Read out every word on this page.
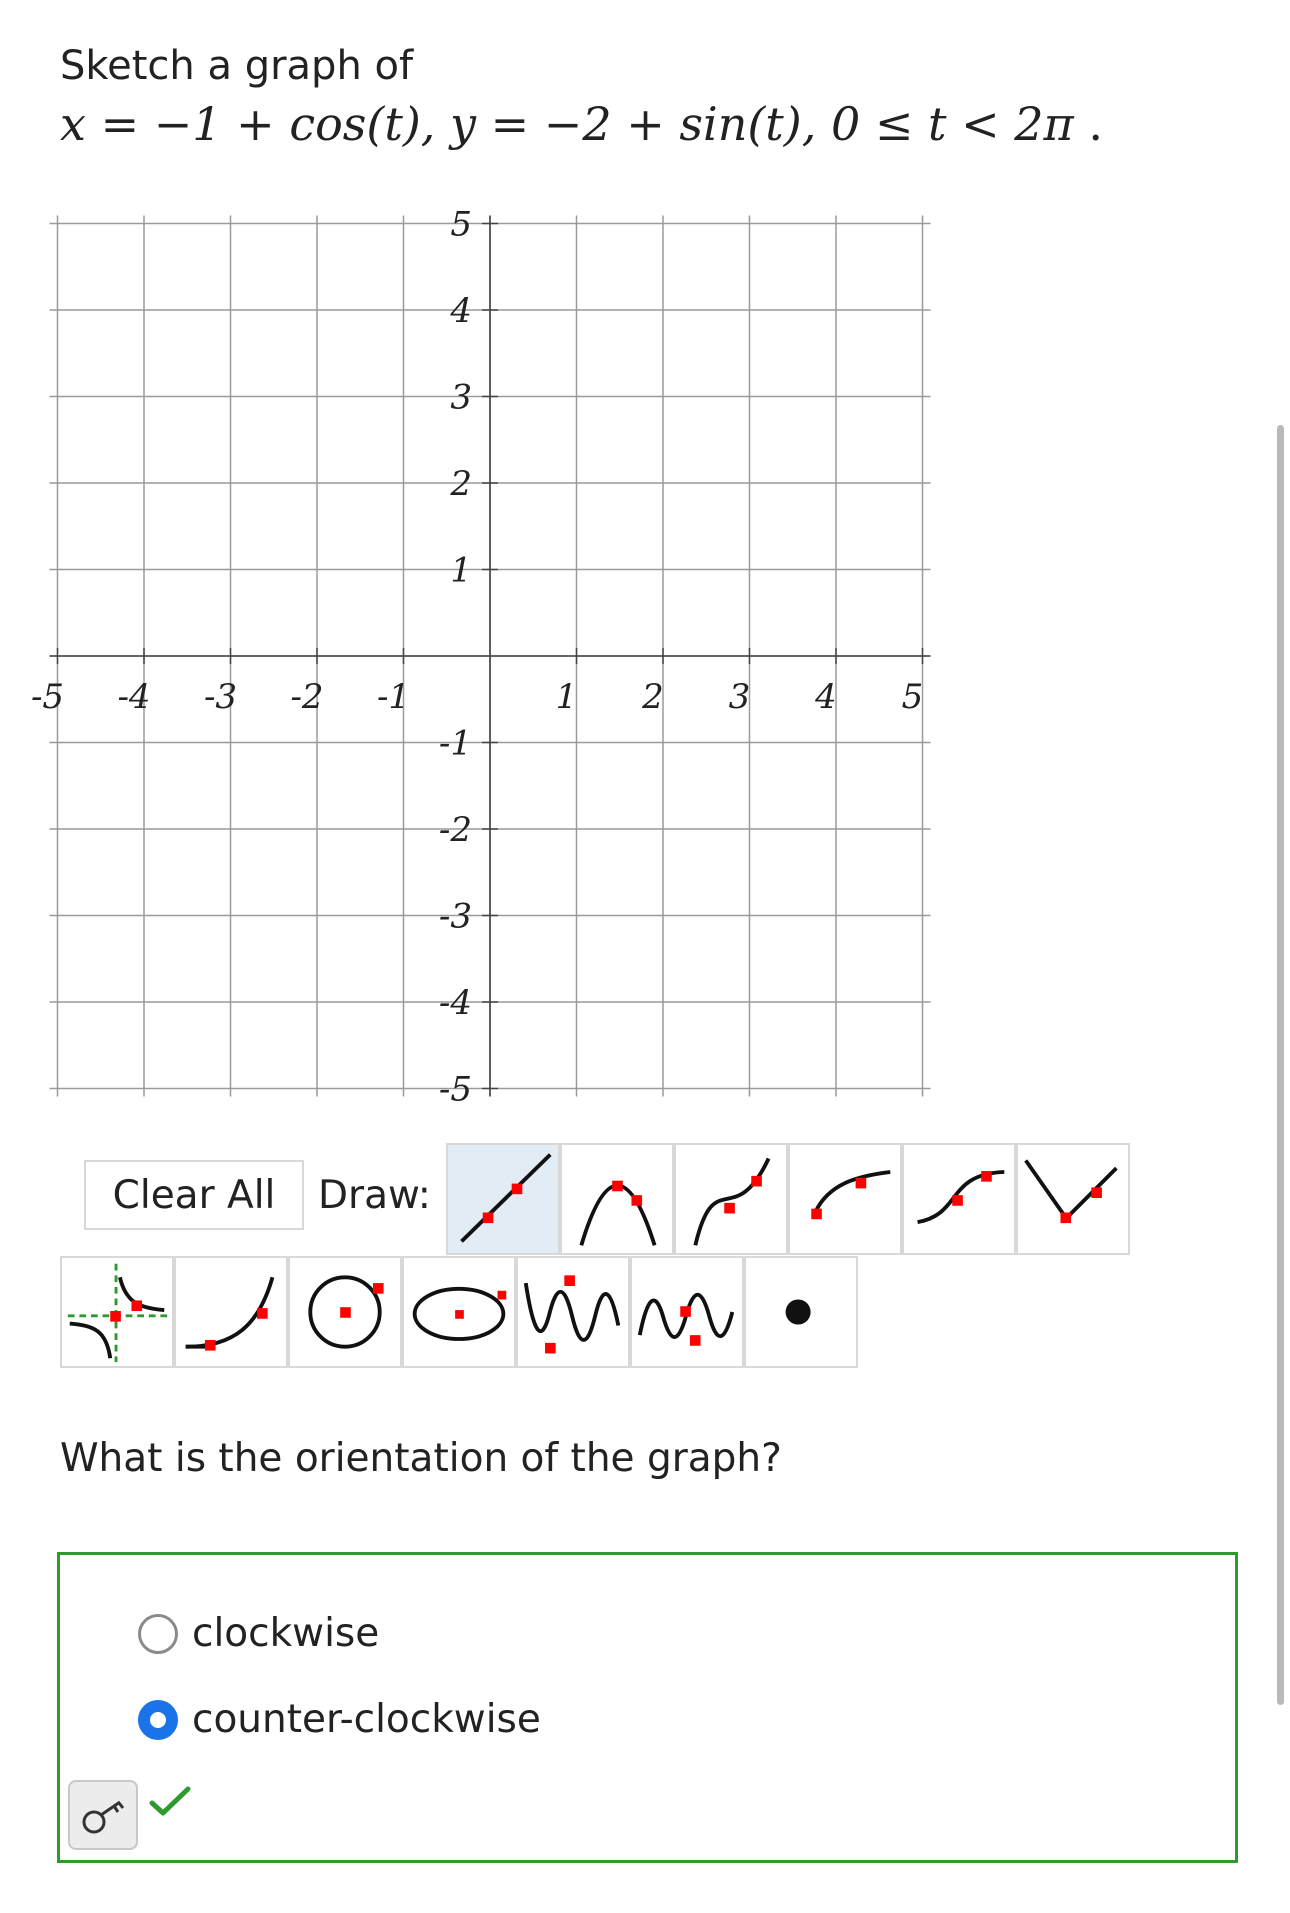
Sketch a graph of
x = −1 + cos(t), y = −2 + sin(t), 0 ≤ t < 2π .
-5 -4 -3 -2 -1	1 2 3 4 5
5
4
3
2
1
-1
-2
-3
-4
-5
Clear All	Draw:
What is the orientation of the graph?
clockwise
counter-clockwise
